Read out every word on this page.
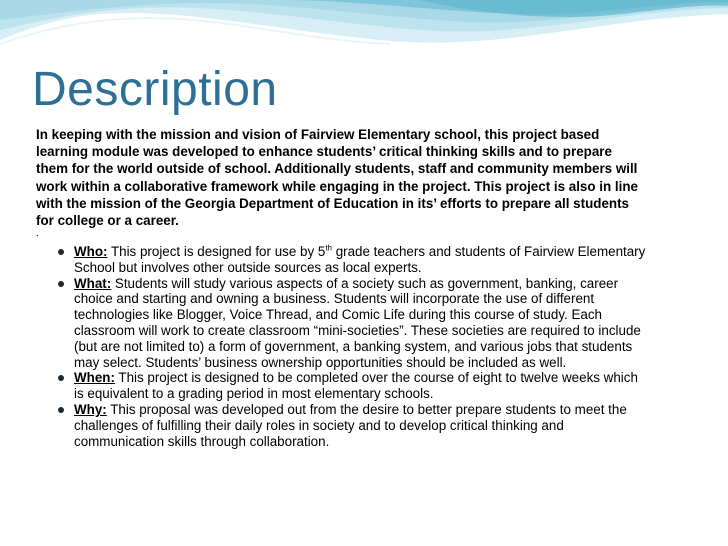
Description

In keeping with the mission and vision of Fairview Elementary school, this project based
learning module was developed to enhance students’ critical thinking skills and to prepare
them for the world outside of school. Additionally students, staff and community members will
work within a collaborative framework while engaging in the project. This project is also in line
with the mission of the Georgia Department of Education in its’ efforts to prepare all students
for college or a career.

.

Who: This project is designed for use by 5th grade teachers and students of Fairview Elementary
School but involves other outside sources as local experts.
What: Students will study various aspects of a society such as government, banking, career
choice and starting and owning a business. Students will incorporate the use of different
technologies like Blogger, Voice Thread, and Comic Life during this course of study. Each
classroom will work to create classroom “mini-societies”. These societies are required to include
(but are not limited to) a form of government, a banking system, and various jobs that students
may select. Students’ business ownership opportunities should be included as well.
When: This project is designed to be completed over the course of eight to twelve weeks which
is equivalent to a grading period in most elementary schools.
Why: This proposal was developed out from the desire to better prepare students to meet the
challenges of fulfilling their daily roles in society and to develop critical thinking and
communication skills through collaboration.
